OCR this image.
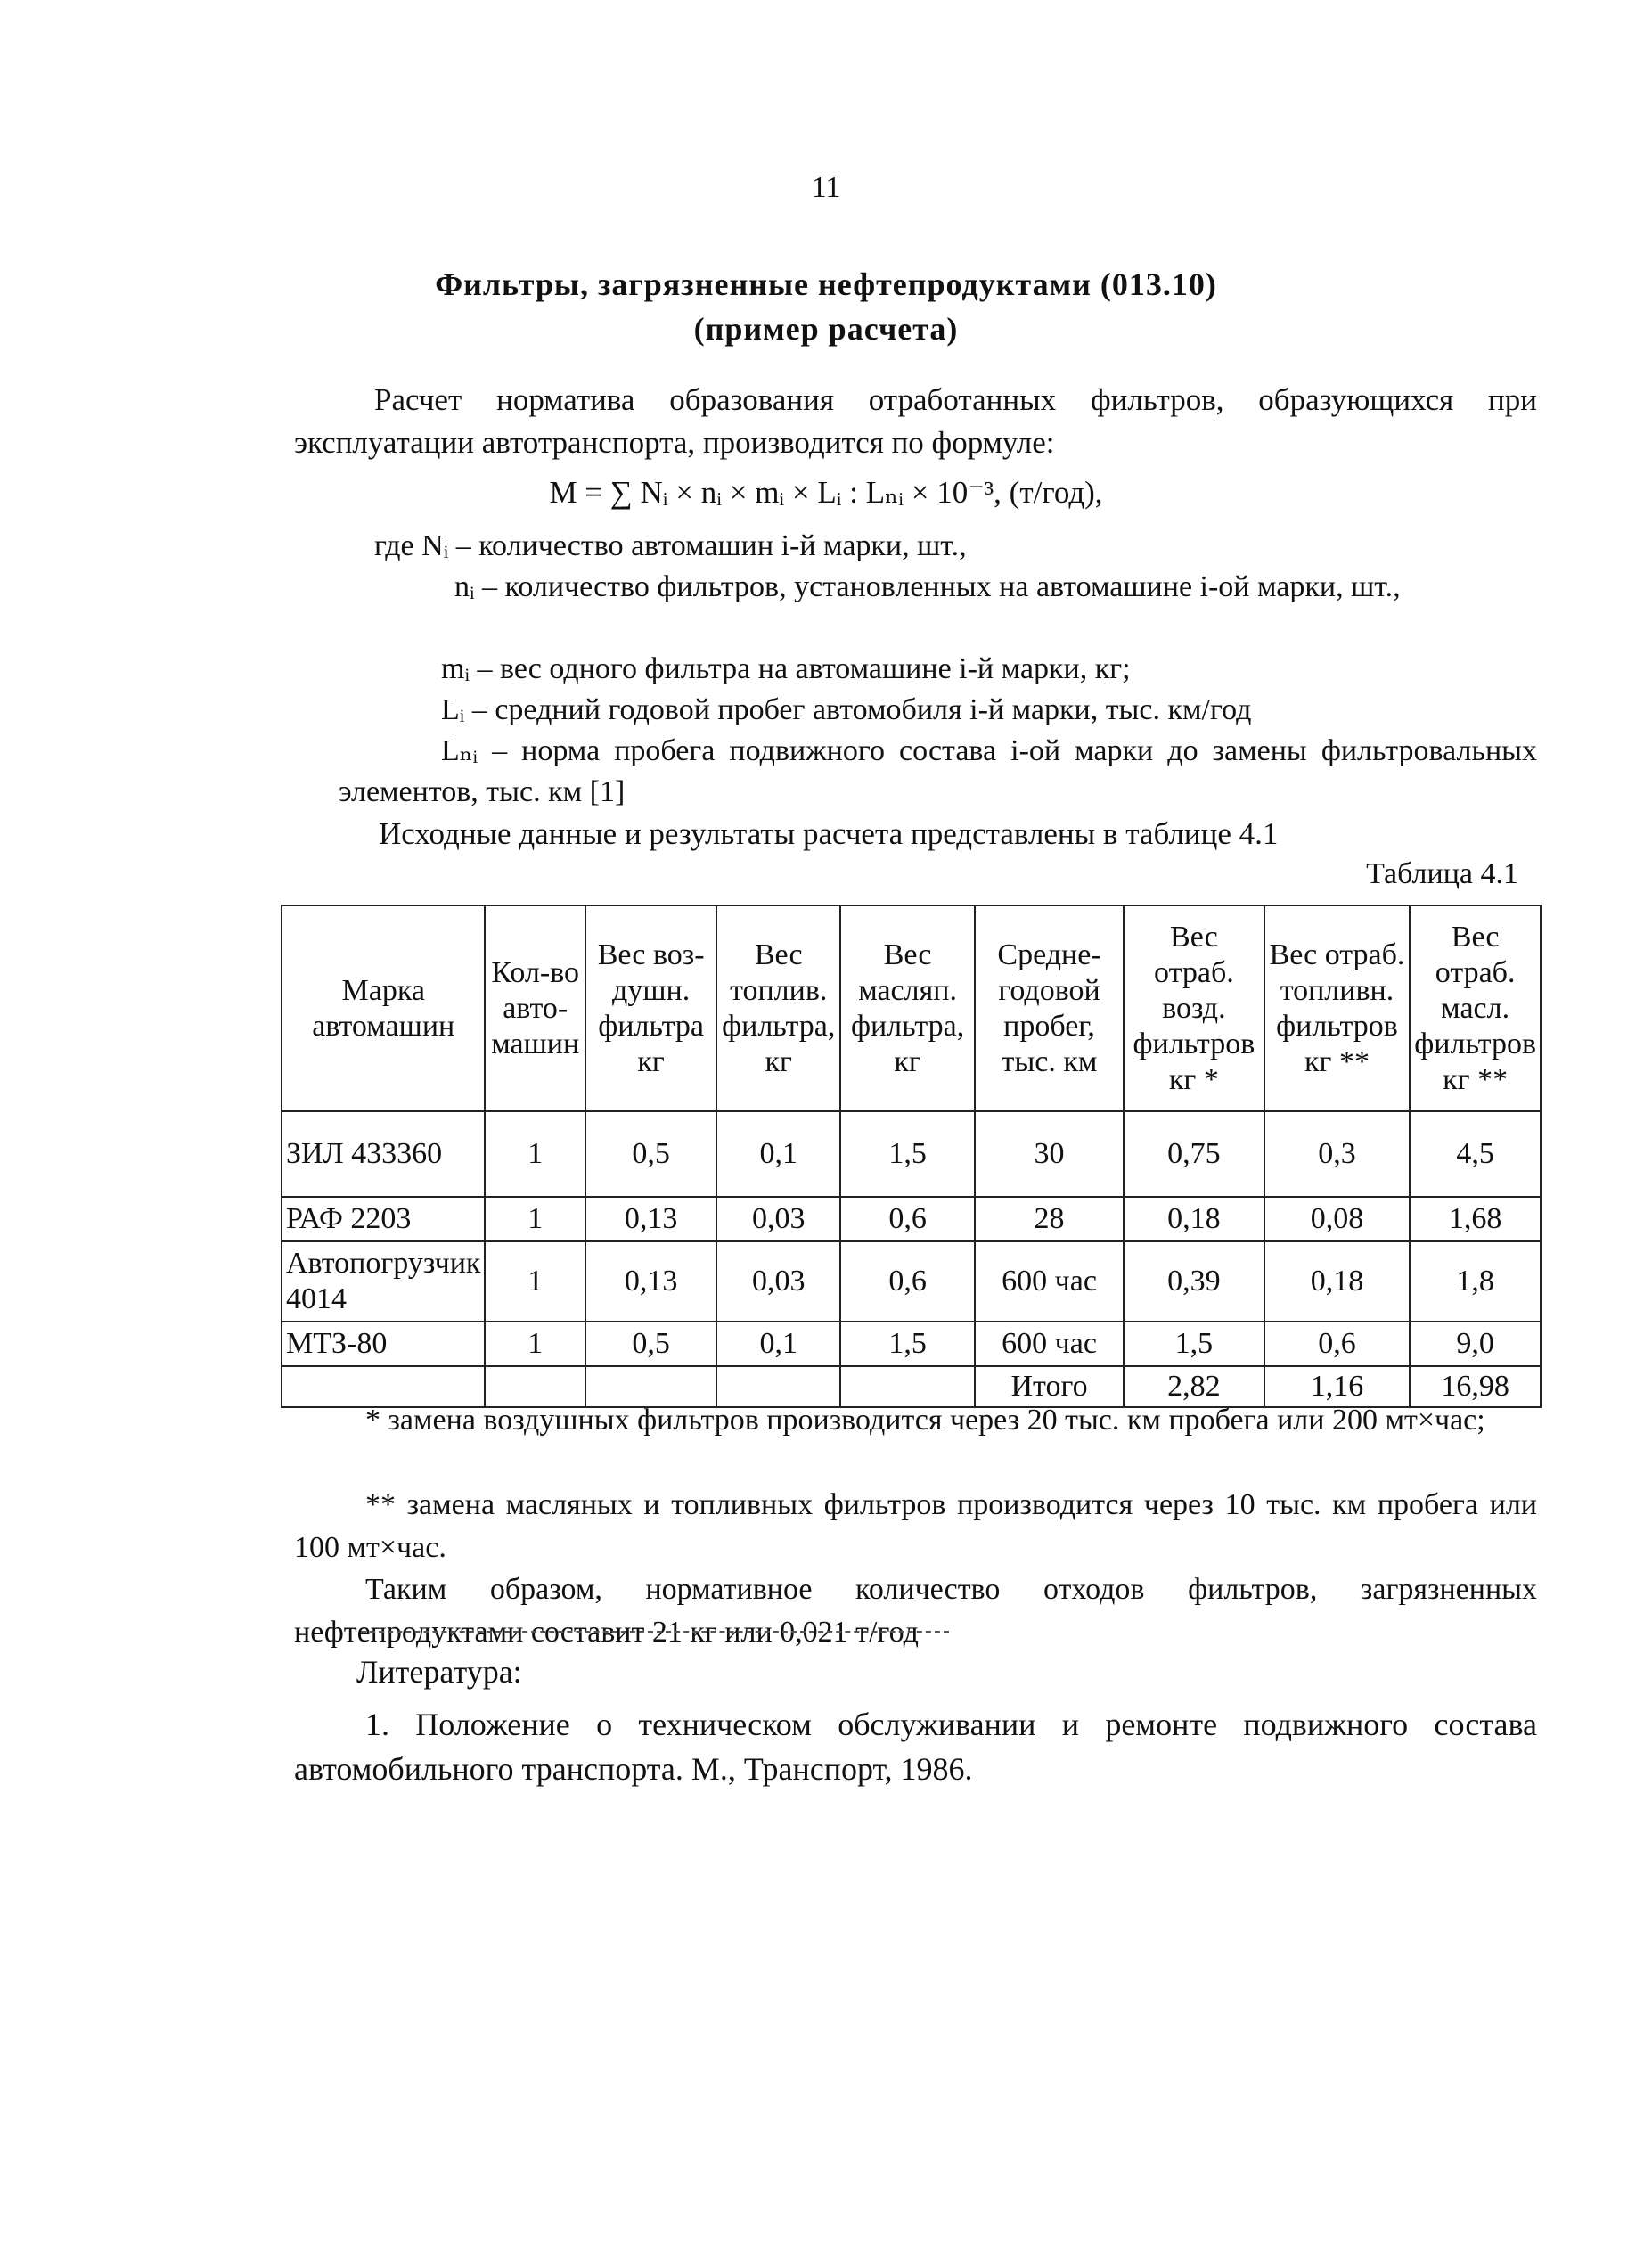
11
Фильтры, загрязненные нефтепродуктами (013.10)
(пример расчета)
Расчет норматива образования отработанных фильтров, образующихся при эксплуатации автотранспорта, производится по формуле:
M = ∑ Nᵢ × nᵢ × mᵢ × Lᵢ : Lₙᵢ × 10⁻³, (т/год),
где Nᵢ – количество автомашин i-й марки, шт.,
nᵢ – количество фильтров, установленных на автомашине i-ой марки, шт.,
mᵢ – вес одного фильтра на автомашине i-й марки, кг;
Lᵢ – средний годовой пробег автомобиля i-й марки, тыс. км/год
Lₙᵢ – норма пробега подвижного состава i-ой марки до замены фильтровальных элементов, тыс. км [1]
Исходные данные и результаты расчета представлены в таблице 4.1
Таблица 4.1
Марка автомашин	Кол-во авто-машин	Вес воз-душн. фильтра кг	Вес топлив. фильтра, кг	Вес масляп. фильтра, кг	Средне-годовой пробег, тыс. км	Вес отраб. возд. фильтров кг *	Вес отраб. топливн. фильтров кг **	Вес отраб. масл. фильтров кг **
ЗИЛ 433360	1	0,5	0,1	1,5	30	0,75	0,3	4,5
РАФ 2203	1	0,13	0,03	0,6	28	0,18	0,08	1,68
Автопогрузчик 4014	1	0,13	0,03	0,6	600 час	0,39	0,18	1,8
МТЗ-80	1	0,5	0,1	1,5	600 час	1,5	0,6	9,0
					Итого	2,82	1,16	16,98
* замена воздушных фильтров производится через 20 тыс. км пробега или 200 мт×час;
** замена масляных и топливных фильтров производится через 10 тыс. км пробега или 100 мт×час.
Таким образом, нормативное количество отходов фильтров, загрязненных нефтепродуктами составит 21 кг или 0,021 т/год
Литература:
1. Положение о техническом обслуживании и ремонте подвижного состава автомобильного транспорта. М., Транспорт, 1986.
